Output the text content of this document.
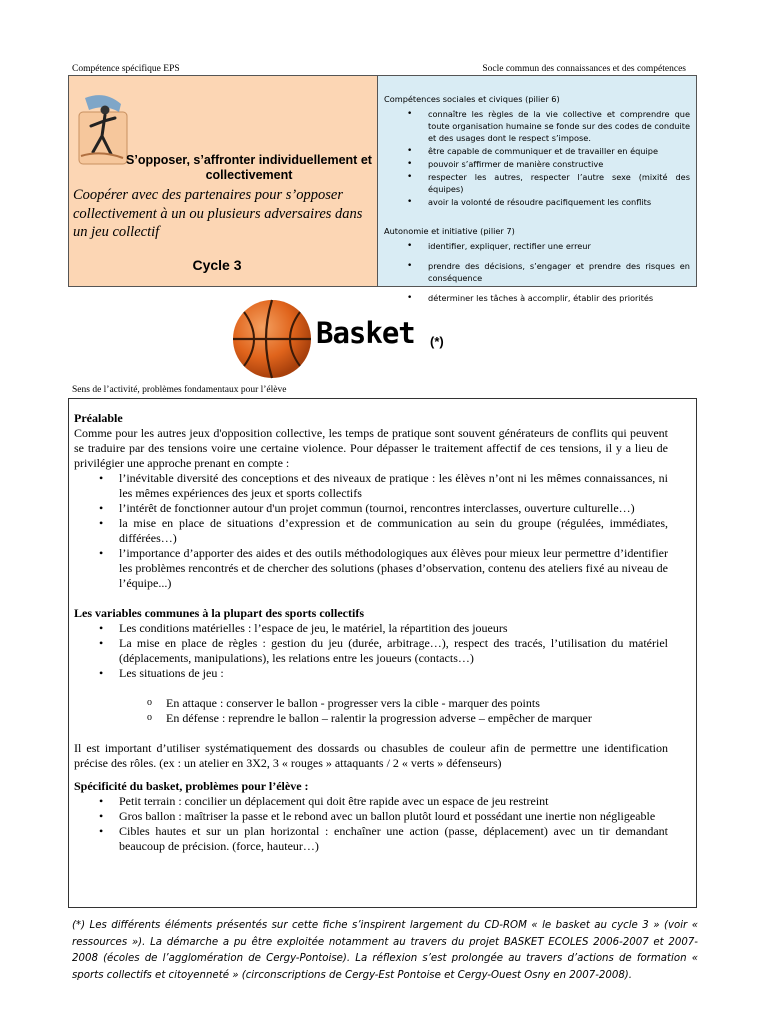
Compétence spécifique EPS	Socle commun des connaissances et des compétences
S’opposer, s’affronter individuellement et collectivement
Coopérer avec des partenaires pour s’opposer collectivement à un ou plusieurs adversaires dans un jeu collectif
Cycle 3
Compétences sociales et civiques (pilier 6)
• connaître les règles de la vie collective et comprendre que toute organisation humaine se fonde sur des codes de conduite et des usages dont le respect s’impose.
• être capable de communiquer et de travailler en équipe
• pouvoir s’affirmer de manière constructive
• respecter les autres, respecter l’autre sexe (mixité des équipes)
• avoir la volonté de résoudre pacifiquement les conflits
Autonomie et initiative (pilier 7)
• identifier, expliquer, rectifier une erreur
• prendre des décisions, s’engager et prendre des risques en conséquence
• déterminer les tâches à accomplir, établir des priorités
Basket (*)
Sens de l’activité, problèmes fondamentaux pour l’élève

Préalable

Comme pour les autres jeux d'opposition collective, les temps de pratique sont souvent générateurs de conflits qui peuvent se traduire par des tensions voire une certaine violence. Pour dépasser le traitement affectif de ces tensions, il y a lieu de privilégier une approche prenant en compte :

• l’inévitable diversité des conceptions et des niveaux de pratique : les élèves n’ont ni les mêmes connaissances, ni les mêmes expériences des jeux et sports collectifs
• l’intérêt de fonctionner autour d'un projet commun (tournoi, rencontres interclasses, ouverture culturelle…)
• la mise en place de situations d’expression et de communication au sein du groupe (régulées, immédiates, différées…)
• l’importance d’apporter des aides et des outils méthodologiques aux élèves pour mieux leur permettre d’identifier les problèmes rencontrés et de chercher des solutions (phases d’observation, contenu des ateliers fixé au niveau de l’équipe...)

Les variables communes à la plupart des sports collectifs

• Les conditions matérielles : l’espace de jeu, le matériel, la répartition des joueurs
• La mise en place de règles : gestion du jeu (durée, arbitrage…), respect des tracés, l’utilisation du matériel (déplacements, manipulations), les relations entre les joueurs (contacts…)
• Les situations de jeu :
o En attaque : conserver le ballon - progresser vers la cible - marquer des points
o En défense : reprendre le ballon – ralentir la progression adverse – empêcher de marquer

Il est important d’utiliser systématiquement des dossards ou chasubles de couleur afin de permettre une identification précise des rôles. (ex : un atelier en 3X2, 3 « rouges » attaquants / 2 « verts » défenseurs)

Spécificité du basket, problèmes pour l’élève :

• Petit terrain : concilier un déplacement qui doit être rapide avec un espace de jeu restreint
• Gros ballon : maîtriser la passe et le rebond avec un ballon plutôt lourd et possédant une inertie non négligeable
• Cibles hautes et sur un plan horizontal : enchaîner une action (passe, déplacement) avec un tir demandant beaucoup de précision. (force, hauteur…)
(*) Les différents éléments présentés sur cette fiche s’inspirent largement du CD-ROM « le basket au cycle 3 » (voir « ressources »). La démarche a pu être exploitée notamment au travers du projet BASKET ECOLES 2006-2007 et 2007-2008 (écoles de l’agglomération de Cergy-Pontoise). La réflexion s’est prolongée au travers d’actions de formation « sports collectifs et citoyenneté » (circonscriptions de Cergy-Est Pontoise et Cergy-Ouest Osny en 2007-2008).
